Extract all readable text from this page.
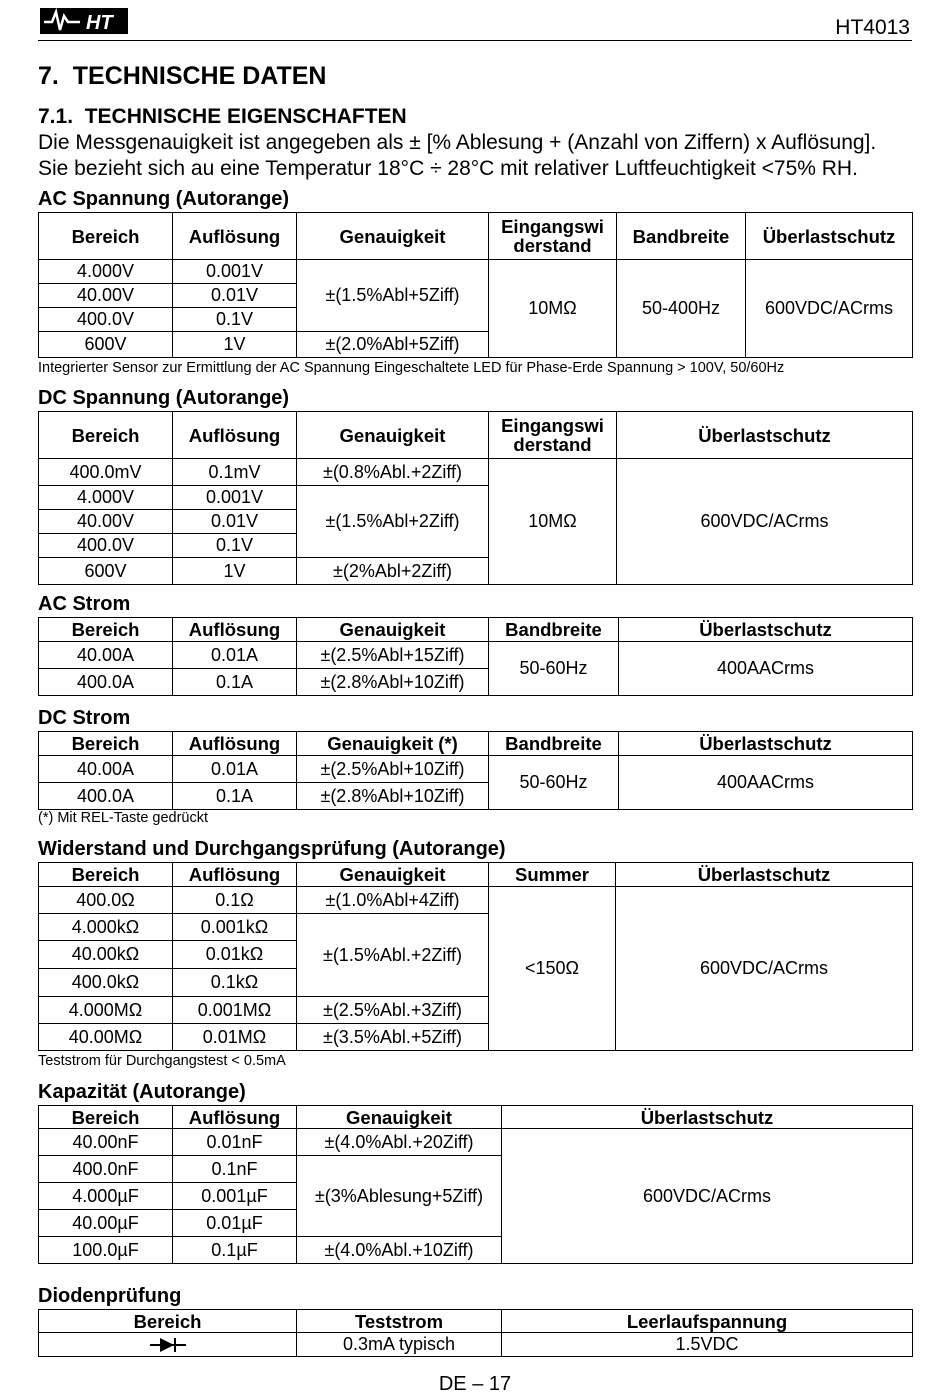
HT	HT4013
7. TECHNISCHE DATEN
7.1. TECHNISCHE EIGENSCHAFTEN
Die Messgenauigkeit ist angegeben als ± [% Ablesung + (Anzahl von Ziffern) x Auflösung].
Sie bezieht sich au eine Temperatur 18°C ÷ 28°C mit relativer Luftfeuchtigkeit <75% RH.
AC Spannung (Autorange)
Bereich	Auflösung	Genauigkeit	Eingangswi derstand	Bandbreite	Überlastschutz
4.000V	0.001V	±(1.5%Abl+5Ziff)	10MΩ	50-400Hz	600VDC/ACrms
40.00V	0.01V				
400.0V	0.1V				
600V	1V	±(2.0%Abl+5Ziff)			
Integrierter Sensor zur Ermittlung der AC Spannung Eingeschaltete LED für Phase-Erde Spannung > 100V, 50/60Hz
DC Spannung (Autorange)
Bereich	Auflösung	Genauigkeit	Eingangswi derstand	Überlastschutz
400.0mV	0.1mV	±(0.8%Abl.+2Ziff)	10MΩ	600VDC/ACrms
4.000V	0.001V	±(1.5%Abl+2Ziff)		
40.00V	0.01V			
400.0V	0.1V			
600V	1V	±(2%Abl+2Ziff)		
AC Strom
Bereich	Auflösung	Genauigkeit	Bandbreite	Überlastschutz
40.00A	0.01A	±(2.5%Abl+15Ziff)	50-60Hz	400AACrms
400.0A	0.1A	±(2.8%Abl+10Ziff)		
DC Strom
Bereich	Auflösung	Genauigkeit (*)	Bandbreite	Überlastschutz
40.00A	0.01A	±(2.5%Abl+10Ziff)	50-60Hz	400AACrms
400.0A	0.1A	±(2.8%Abl+10Ziff)		
(*) Mit REL-Taste gedrückt
Widerstand und Durchgangsprüfung (Autorange)
Bereich	Auflösung	Genauigkeit	Summer	Überlastschutz
400.0Ω	0.1Ω	±(1.0%Abl+4Ziff)	<150Ω	600VDC/ACrms
4.000kΩ	0.001kΩ	±(1.5%Abl.+2Ziff)		
40.00kΩ	0.01kΩ			
400.0kΩ	0.1kΩ			
4.000MΩ	0.001MΩ	±(2.5%Abl.+3Ziff)		
40.00MΩ	0.01MΩ	±(3.5%Abl.+5Ziff)		
Teststrom für Durchgangstest < 0.5mA
Kapazität (Autorange)
Bereich	Auflösung	Genauigkeit	Überlastschutz
40.00nF	0.01nF	±(4.0%Abl.+20Ziff)	600VDC/ACrms
400.0nF	0.1nF	±(3%Ablesung+5Ziff)	
4.000µF	0.001µF		
40.00µF	0.01µF		
100.0µF	0.1µF	±(4.0%Abl.+10Ziff)	
Diodenprüfung
Bereich	Teststrom	Leerlaufspannung
	0.3mA typisch	1.5VDC
DE – 17
